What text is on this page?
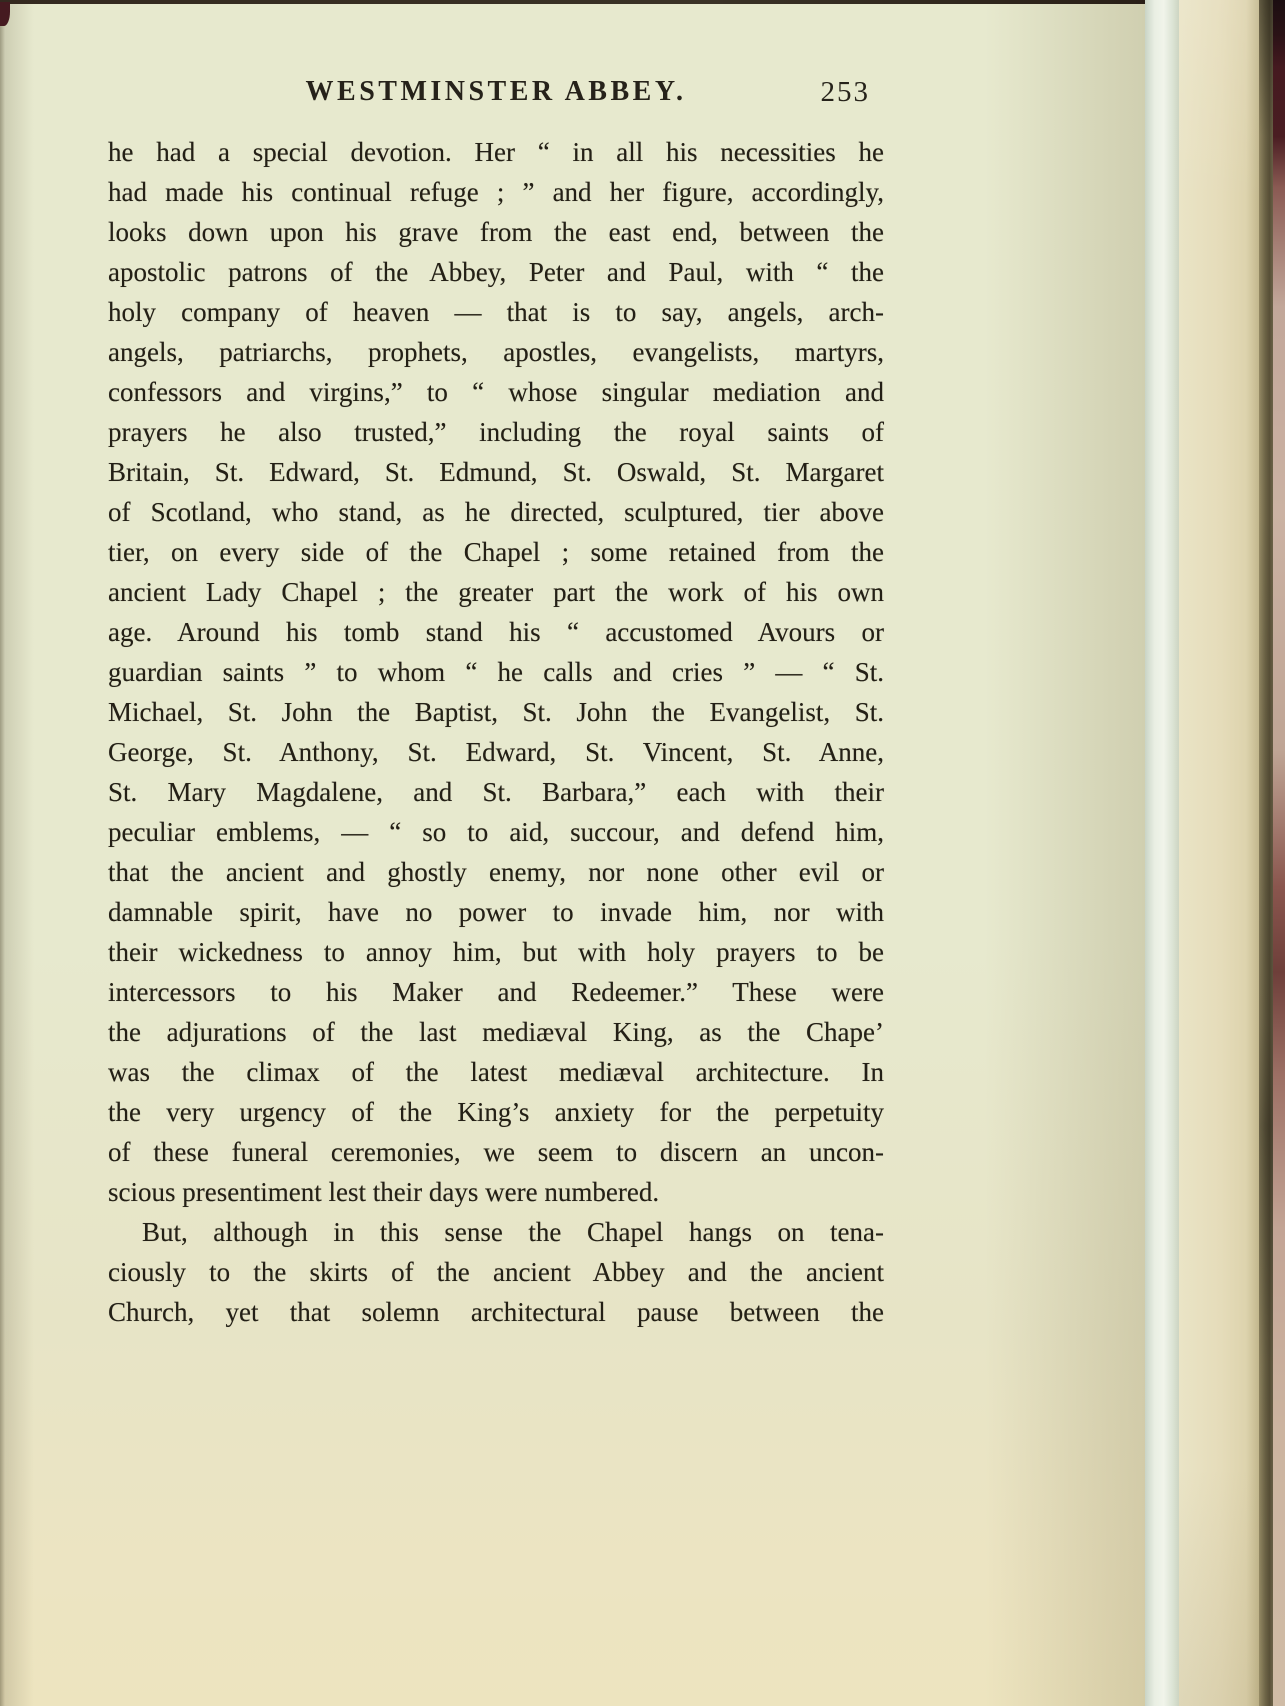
WESTMINSTER ABBEY.	253
he had a special devotion. Her “ in all his necessities he
had made his continual refuge ; ” and her figure, accordingly,
looks down upon his grave from the east end, between the
apostolic patrons of the Abbey, Peter and Paul, with “ the
holy company of heaven — that is to say, angels, arch-
angels, patriarchs, prophets, apostles, evangelists, martyrs,
confessors and virgins,” to “ whose singular mediation and
prayers he also trusted,” including the royal saints of
Britain, St. Edward, St. Edmund, St. Oswald, St. Margaret
of Scotland, who stand, as he directed, sculptured, tier above
tier, on every side of the Chapel ; some retained from the
ancient Lady Chapel ; the greater part the work of his own
age. Around his tomb stand his “ accustomed Avours or
guardian saints ” to whom “ he calls and cries ” — “ St.
Michael, St. John the Baptist, St. John the Evangelist, St.
George, St. Anthony, St. Edward, St. Vincent, St. Anne,
St. Mary Magdalene, and St. Barbara,” each with their
peculiar emblems, — “ so to aid, succour, and defend him,
that the ancient and ghostly enemy, nor none other evil or
damnable spirit, have no power to invade him, nor with
their wickedness to annoy him, but with holy prayers to be
intercessors to his Maker and Redeemer.” These were
the adjurations of the last mediæval King, as the Chape’
was the climax of the latest mediæval architecture. In
the very urgency of the King’s anxiety for the perpetuity
of these funeral ceremonies, we seem to discern an uncon-
scious presentiment lest their days were numbered.
But, although in this sense the Chapel hangs on tena-
ciously to the skirts of the ancient Abbey and the ancient
Church, yet that solemn architectural pause between the
